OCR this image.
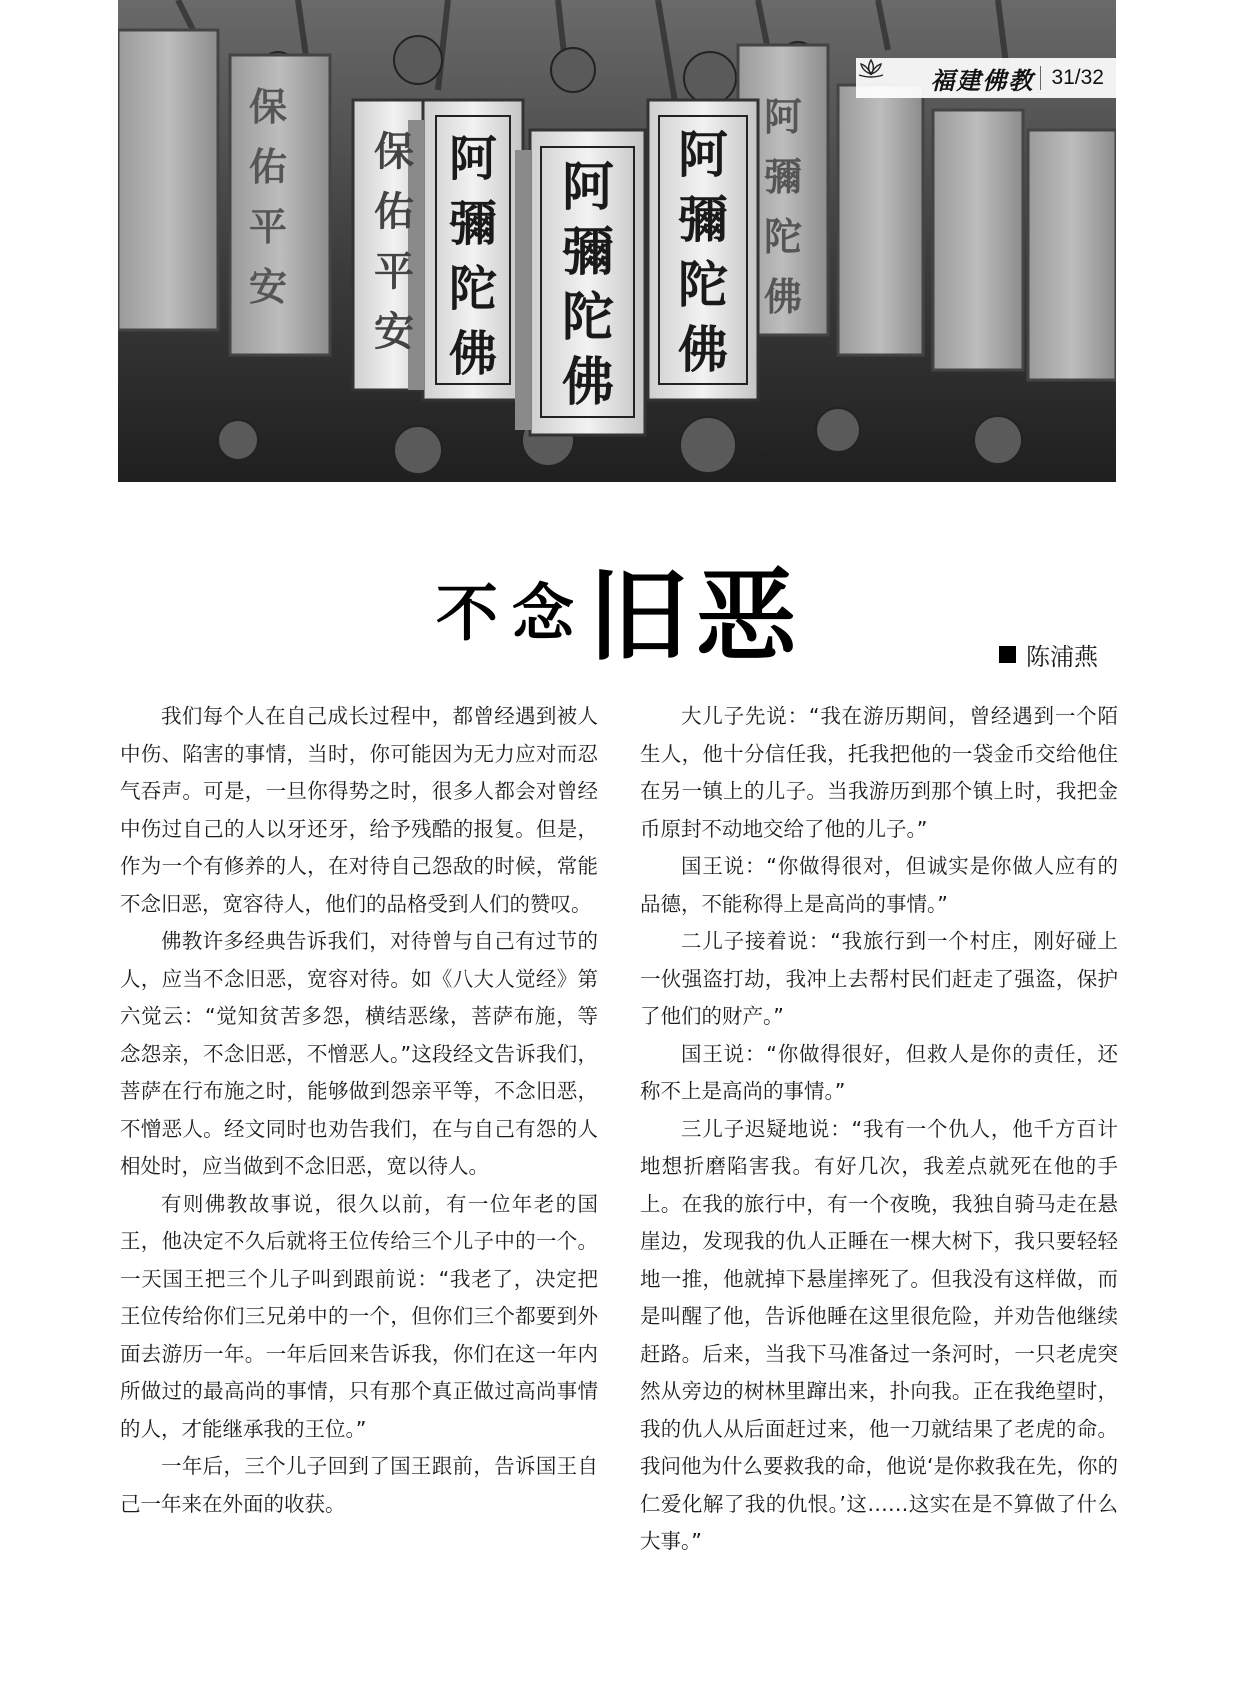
阿
彌
陀
佛
阿
彌
陀
佛
阿
彌
陀
佛
保
佑
平
安
保
佑
平
安
阿
彌
陀
佛
福建佛教 31/32
不念旧恶	陈浦燕

我们每个人在自己成长过程中，都曾经遇到被人中伤、陷害的事情，当时，你可能因为无力应对而忍气吞声。可是，一旦你得势之时，很多人都会对曾经中伤过自己的人以牙还牙，给予残酷的报复。但是，作为一个有修养的人，在对待自己怨敌的时候，常能不念旧恶，宽容待人，他们的品格受到人们的赞叹。

佛教许多经典告诉我们，对待曾与自己有过节的人，应当不念旧恶，宽容对待。如《八大人觉经》第六觉云：“觉知贫苦多怨，横结恶缘，菩萨布施，等念怨亲，不念旧恶，不憎恶人。”这段经文告诉我们，菩萨在行布施之时，能够做到怨亲平等，不念旧恶，不憎恶人。经文同时也劝告我们，在与自己有怨的人相处时，应当做到不念旧恶，宽以待人。

有则佛教故事说，很久以前，有一位年老的国王，他决定不久后就将王位传给三个儿子中的一个。一天国王把三个儿子叫到跟前说：“我老了，决定把王位传给你们三兄弟中的一个，但你们三个都要到外面去游历一年。一年后回来告诉我，你们在这一年内所做过的最高尚的事情，只有那个真正做过高尚事情的人，才能继承我的王位。”

一年后，三个儿子回到了国王跟前，告诉国王自己一年来在外面的收获。

大儿子先说：“我在游历期间，曾经遇到一个陌生人，他十分信任我，托我把他的一袋金币交给他住在另一镇上的儿子。当我游历到那个镇上时，我把金币原封不动地交给了他的儿子。”

国王说：“你做得很对，但诚实是你做人应有的品德，不能称得上是高尚的事情。”

二儿子接着说：“我旅行到一个村庄，刚好碰上一伙强盗打劫，我冲上去帮村民们赶走了强盗，保护了他们的财产。”

国王说：“你做得很好，但救人是你的责任，还称不上是高尚的事情。”

三儿子迟疑地说：“我有一个仇人，他千方百计地想折磨陷害我。有好几次，我差点就死在他的手上。在我的旅行中，有一个夜晚，我独自骑马走在悬崖边，发现我的仇人正睡在一棵大树下，我只要轻轻地一推，他就掉下悬崖摔死了。但我没有这样做，而是叫醒了他，告诉他睡在这里很危险，并劝告他继续赶路。后来，当我下马准备过一条河时，一只老虎突然从旁边的树林里蹿出来，扑向我。正在我绝望时，我的仇人从后面赶过来，他一刀就结果了老虎的命。我问他为什么要救我的命，他说‘是你救我在先，你的仁爱化解了我的仇恨。’这……这实在是不算做了什么大事。”
